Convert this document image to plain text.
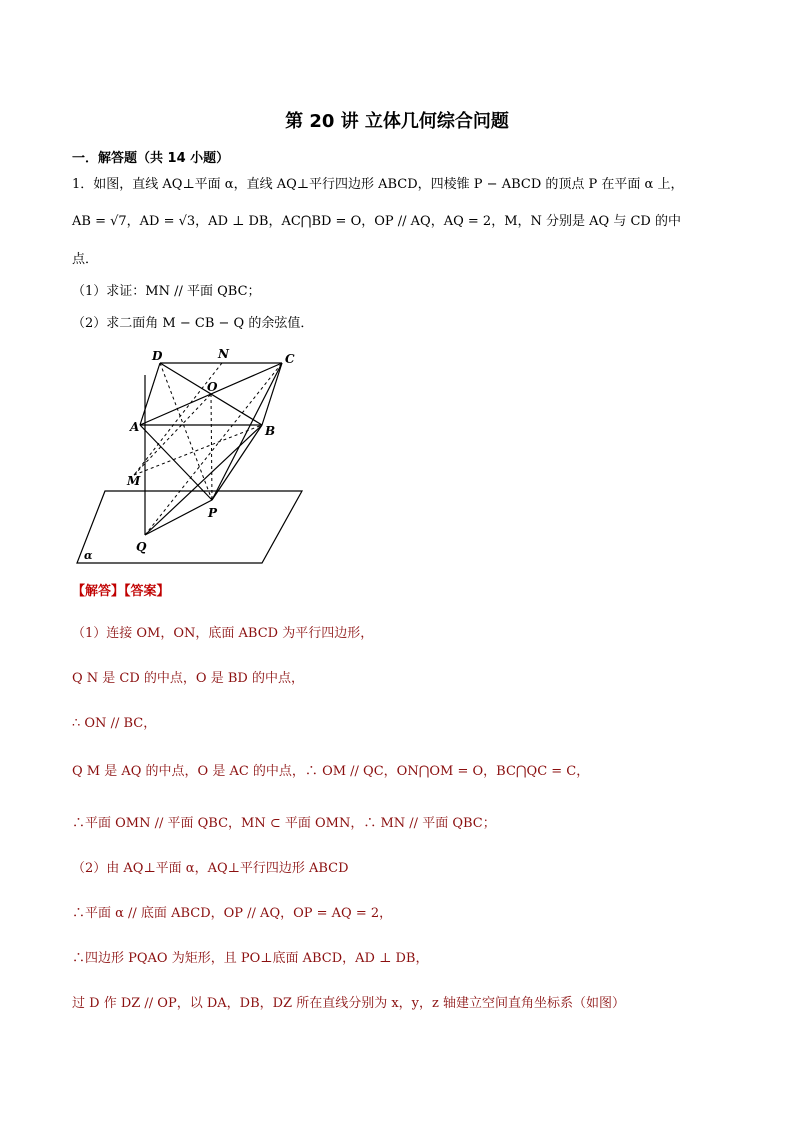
第 20 讲 立体几何综合问题
一．解答题（共 14 小题）
1．如图，直线 AQ⊥平面 α，直线 AQ⊥平行四边形 ABCD，四棱锥 P − ABCD 的顶点 P 在平面 α 上，
AB = √7，AD = √3，AD ⊥ DB，AC⋂BD = O，OP // AQ，AQ = 2，M，N 分别是 AQ 与 CD 的中
点．
（1）求证：MN // 平面 QBC；
（2）求二面角 M − CB − Q 的余弦值．
D	N	C
O
A	B
M
P
Q
α
【解答】【答案】
（1）连接 OM，ON，底面 ABCD 为平行四边形，
Q N 是 CD 的中点，O 是 BD 的中点，
∴ ON // BC，
Q M 是 AQ 的中点，O 是 AC 的中点，∴ OM // QC，ON⋂OM = O，BC⋂QC = C，
∴平面 OMN // 平面 QBC，MN ⊂ 平面 OMN，∴ MN // 平面 QBC；
（2）由 AQ⊥平面 α，AQ⊥平行四边形 ABCD
∴平面 α // 底面 ABCD，OP // AQ，OP = AQ = 2，
∴四边形 PQAO 为矩形，且 PO⊥底面 ABCD，AD ⊥ DB，
过 D 作 DZ // OP，以 DA，DB，DZ 所在直线分别为 x，y，z 轴建立空间直角坐标系（如图）
